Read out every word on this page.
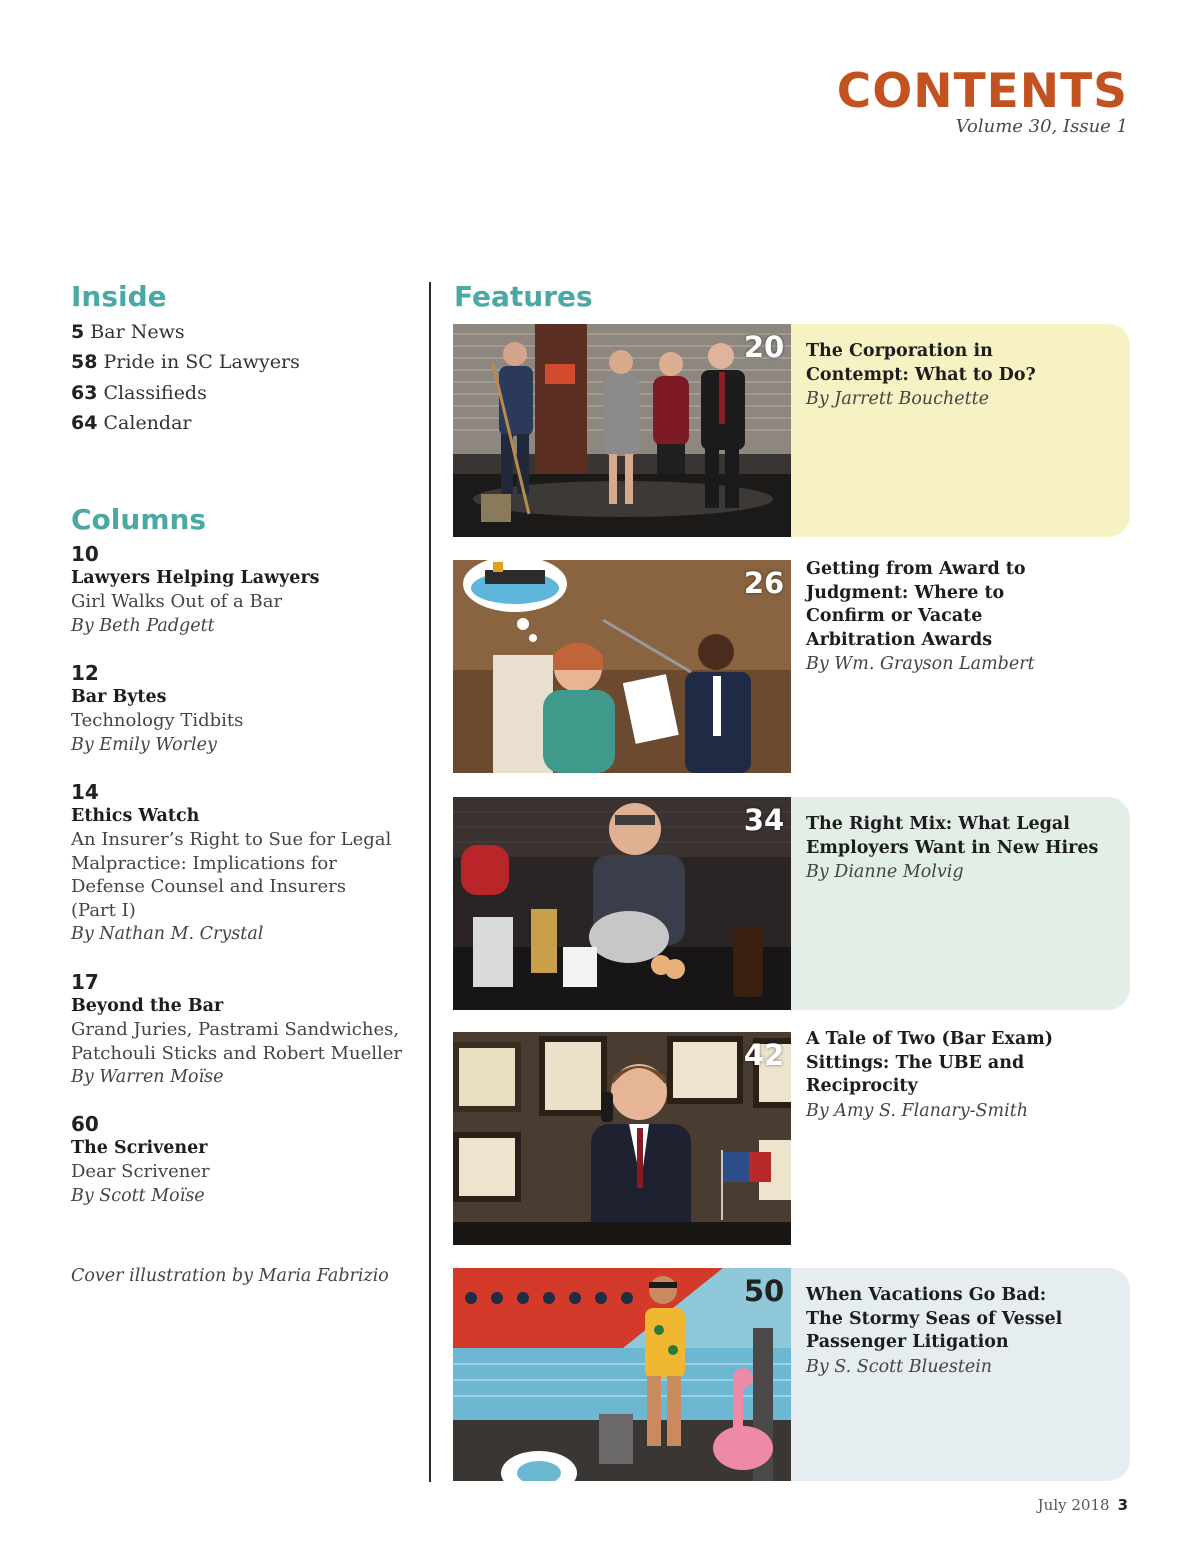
CONTENTS
Volume 30, Issue 1
Inside
5 Bar News
58 Pride in SC Lawyers
63 Classifieds
64 Calendar
Columns
10
Lawyers Helping Lawyers
Girl Walks Out of a Bar
By Beth Padgett
12
Bar Bytes
Technology Tidbits
By Emily Worley
14
Ethics Watch
An Insurer’s Right to Sue for Legal
Malpractice: Implications for
Defense Counsel and Insurers
(Part I)
By Nathan M. Crystal
17
Beyond the Bar
Grand Juries, Pastrami Sandwiches,
Patchouli Sticks and Robert Mueller
By Warren Moïse
60
The Scrivener
Dear Scrivener
By Scott Moïse
Cover illustration by Maria Fabrizio
Features
20 The Corporation in
Contempt: What to Do?
By Jarrett Bouchette
26 Getting from Award to
Judgment: Where to
Confirm or Vacate
Arbitration Awards
By Wm. Grayson Lambert
34 The Right Mix: What Legal
Employers Want in New Hires
By Dianne Molvig
42 A Tale of Two (Bar Exam)
Sittings: The UBE and
Reciprocity
By Amy S. Flanary-Smith
50 When Vacations Go Bad:
The Stormy Seas of Vessel
Passenger Litigation
By S. Scott Bluestein
July 2018 3
